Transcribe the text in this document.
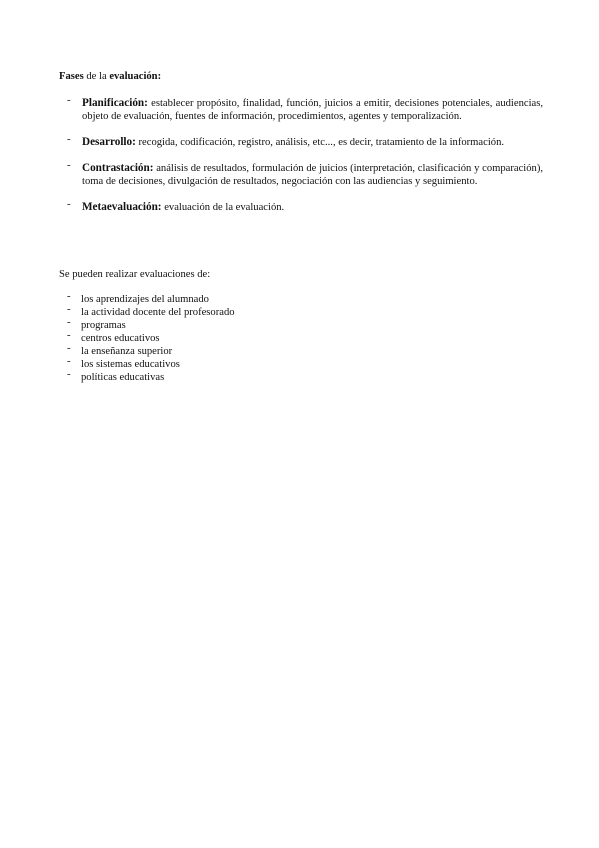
Fases de la evaluación:
- Planificación: establecer propósito, finalidad, función, juicios a emitir, decisiones potenciales, audiencias, objeto de evaluación, fuentes de información, procedimientos, agentes y temporalización.
- Desarrollo: recogida, codificación, registro, análisis, etc..., es decir, tratamiento de la información.
- Contrastación: análisis de resultados, formulación de juicios (interpretación, clasificación y comparación), toma de decisiones, divulgación de resultados, negociación con las audiencias y seguimiento.
- Metaevaluación: evaluación de la evaluación.
Se pueden realizar evaluaciones de:
- los aprendizajes del alumnado
- la actividad docente del profesorado
- programas
- centros educativos
- la enseñanza superior
- los sistemas educativos
- políticas educativas
